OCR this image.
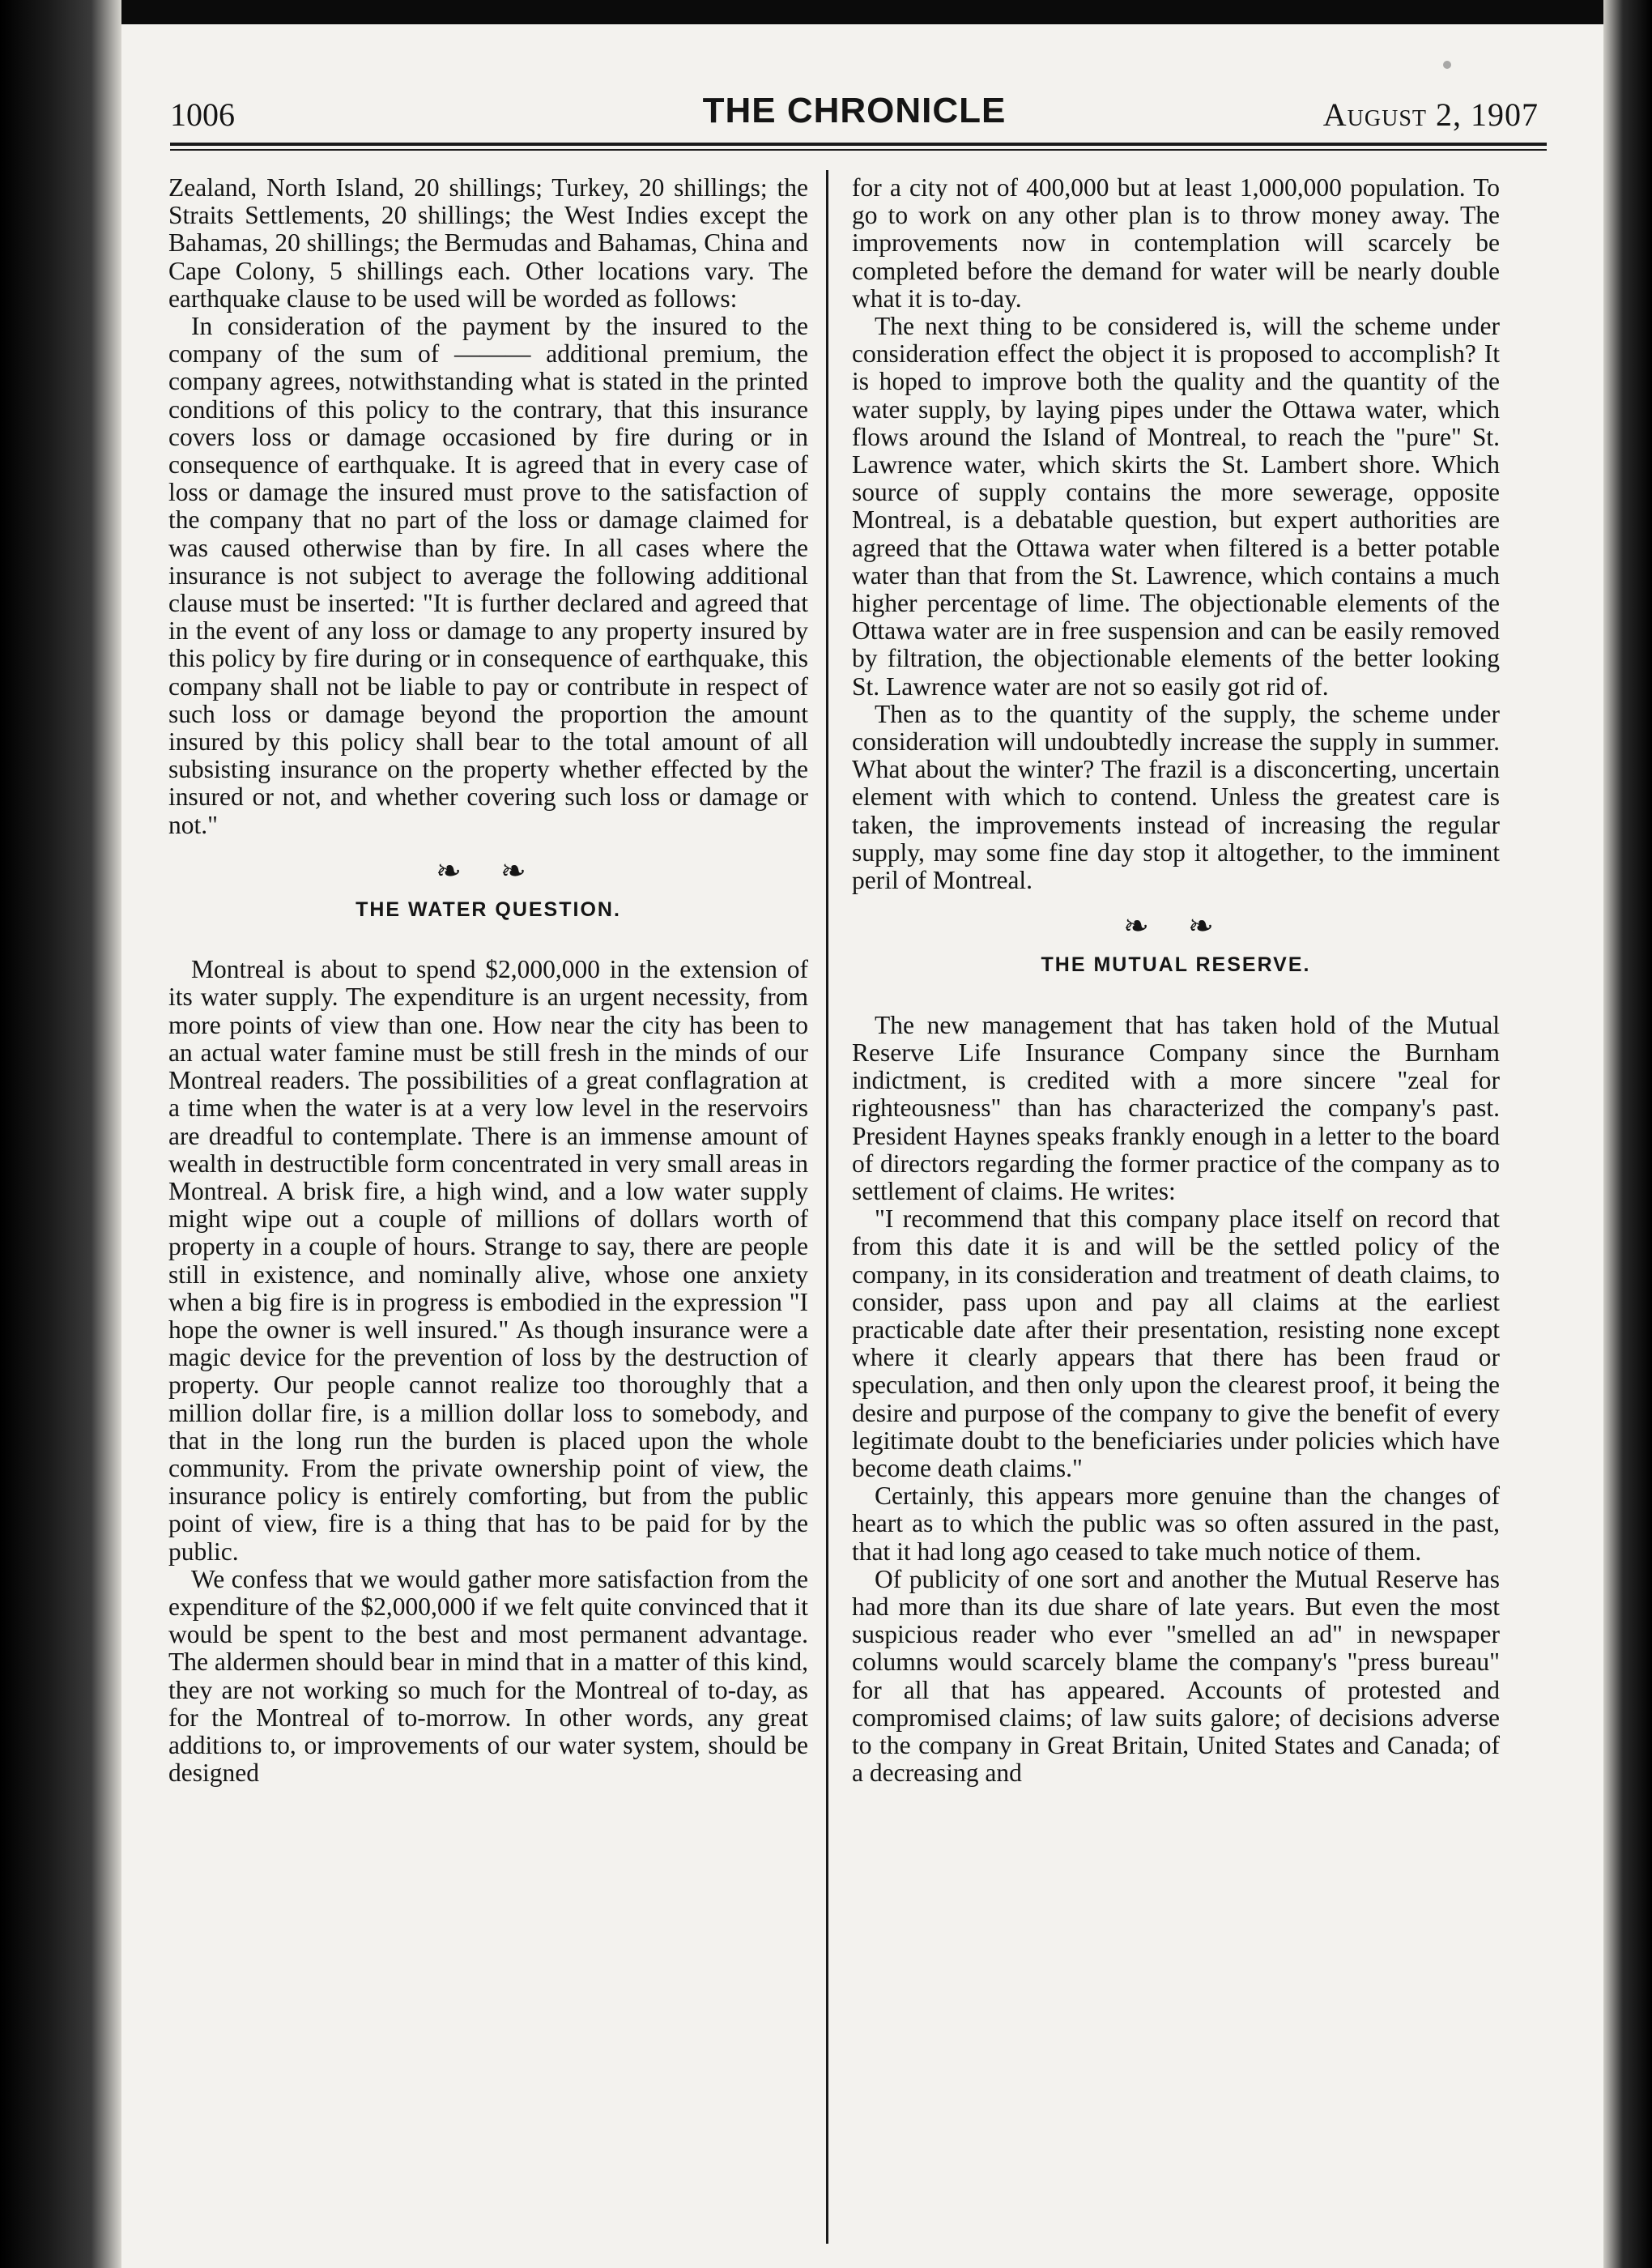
1006	THE CHRONICLE	August 2, 1907

Zealand, North Island, 20 shillings; Turkey, 20 shillings; the Straits Settlements, 20 shillings; the West Indies except the Bahamas, 20 shillings; the Bermudas and Bahamas, China and Cape Colony, 5 shillings each. Other locations vary. The earthquake clause to be used will be worded as follows:

In consideration of the payment by the insured to the company of the sum of ——— additional premium, the company agrees, notwithstanding what is stated in the printed conditions of this policy to the contrary, that this insurance covers loss or damage occasioned by fire during or in consequence of earthquake. It is agreed that in every case of loss or damage the insured must prove to the satisfaction of the company that no part of the loss or damage claimed for was caused otherwise than by fire. In all cases where the insurance is not subject to average the following additional clause must be inserted: "It is further declared and agreed that in the event of any loss or damage to any property insured by this policy by fire during or in consequence of earthquake, this company shall not be liable to pay or contribute in respect of such loss or damage beyond the proportion the amount insured by this policy shall bear to the total amount of all subsisting insurance on the property whether effected by the insured or not, and whether covering such loss or damage or not."

❧ ❧
THE WATER QUESTION.

Montreal is about to spend $2,000,000 in the extension of its water supply. The expenditure is an urgent necessity, from more points of view than one. How near the city has been to an actual water famine must be still fresh in the minds of our Montreal readers. The possibilities of a great conflagration at a time when the water is at a very low level in the reservoirs are dreadful to contemplate. There is an immense amount of wealth in destructible form concentrated in very small areas in Montreal. A brisk fire, a high wind, and a low water supply might wipe out a couple of millions of dollars worth of property in a couple of hours. Strange to say, there are people still in existence, and nominally alive, whose one anxiety when a big fire is in progress is embodied in the expression "I hope the owner is well insured." As though insurance were a magic device for the prevention of loss by the destruction of property. Our people cannot realize too thoroughly that a million dollar fire, is a million dollar loss to somebody, and that in the long run the burden is placed upon the whole community. From the private ownership point of view, the insurance policy is entirely comforting, but from the public point of view, fire is a thing that has to be paid for by the public.

We confess that we would gather more satisfaction from the expenditure of the $2,000,000 if we felt quite convinced that it would be spent to the best and most permanent advantage. The aldermen should bear in mind that in a matter of this kind, they are not working so much for the Montreal of to-day, as for the Montreal of to-morrow. In other words, any great additions to, or improvements of our water system, should be designed

for a city not of 400,000 but at least 1,000,000 population. To go to work on any other plan is to throw money away. The improvements now in contemplation will scarcely be completed before the demand for water will be nearly double what it is to-day.

The next thing to be considered is, will the scheme under consideration effect the object it is proposed to accomplish? It is hoped to improve both the quality and the quantity of the water supply, by laying pipes under the Ottawa water, which flows around the Island of Montreal, to reach the "pure" St. Lawrence water, which skirts the St. Lambert shore. Which source of supply contains the more sewerage, opposite Montreal, is a debatable question, but expert authorities are agreed that the Ottawa water when filtered is a better potable water than that from the St. Lawrence, which contains a much higher percentage of lime. The objectionable elements of the Ottawa water are in free suspension and can be easily removed by filtration, the objectionable elements of the better looking St. Lawrence water are not so easily got rid of.

Then as to the quantity of the supply, the scheme under consideration will undoubtedly increase the supply in summer. What about the winter? The frazil is a disconcerting, uncertain element with which to contend. Unless the greatest care is taken, the improvements instead of increasing the regular supply, may some fine day stop it altogether, to the imminent peril of Montreal.

❧ ❧
THE MUTUAL RESERVE.

The new management that has taken hold of the Mutual Reserve Life Insurance Company since the Burnham indictment, is credited with a more sincere "zeal for righteousness" than has characterized the company's past. President Haynes speaks frankly enough in a letter to the board of directors regarding the former practice of the company as to settlement of claims. He writes:

"I recommend that this company place itself on record that from this date it is and will be the settled policy of the company, in its consideration and treatment of death claims, to consider, pass upon and pay all claims at the earliest practicable date after their presentation, resisting none except where it clearly appears that there has been fraud or speculation, and then only upon the clearest proof, it being the desire and purpose of the company to give the benefit of every legitimate doubt to the beneficiaries under policies which have become death claims."

Certainly, this appears more genuine than the changes of heart as to which the public was so often assured in the past, that it had long ago ceased to take much notice of them.

Of publicity of one sort and another the Mutual Reserve has had more than its due share of late years. But even the most suspicious reader who ever "smelled an ad" in newspaper columns would scarcely blame the company's "press bureau" for all that has appeared. Accounts of protested and compromised claims; of law suits galore; of decisions adverse to the company in Great Britain, United States and Canada; of a decreasing and
